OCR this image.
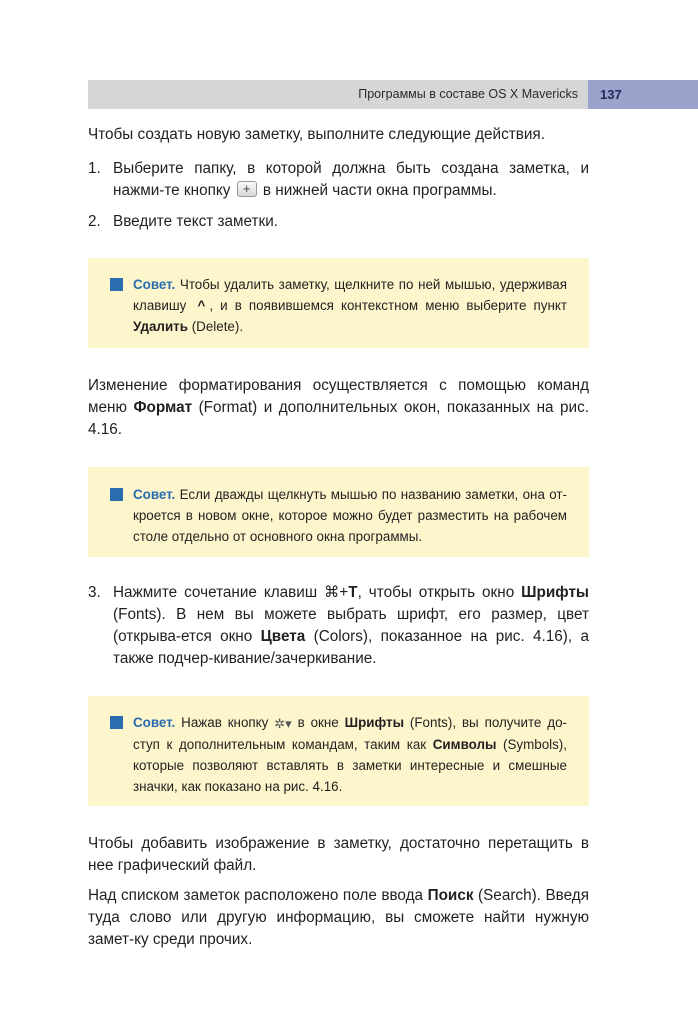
Программы в составе OS X Mavericks	137

Чтобы создать новую заметку, выполните следующие действия.

1. Выберите папку, в которой должна быть создана заметка, и нажми-те кнопку + в нижней части окна программы.
2. Введите текст заметки.
Совет. Чтобы удалить заметку, щелкните по ней мышью, удерживая клавишу ^ , и в появившемся контекстном меню выберите пункт Удалить (Delete).

Изменение форматирования осуществляется с помощью команд меню Формат (Format) и дополнительных окон, показанных на рис. 4.16.

Совет. Если дважды щелкнуть мышью по названию заметки, она от-кроется в новом окне, которое можно будет разместить на рабочем столе отдельно от основного окна программы.
3. Нажмите сочетание клавиш ⌘+T, чтобы открыть окно Шрифты (Fonts). В нем вы можете выбрать шрифт, его размер, цвет (открыва-ется окно Цвета (Colors), показанное на рис. 4.16), а также подчер-кивание/зачеркивание.
Совет. Нажав кнопку ✲▾ в окне Шрифты (Fonts), вы получите до-ступ к дополнительным командам, таким как Символы (Symbols), которые позволяют вставлять в заметки интересные и смешные значки, как показано на рис. 4.16.

Чтобы добавить изображение в заметку, достаточно перетащить в нее графический файл.

Над списком заметок расположено поле ввода Поиск (Search). Введя туда слово или другую информацию, вы сможете найти нужную замет-ку среди прочих.
